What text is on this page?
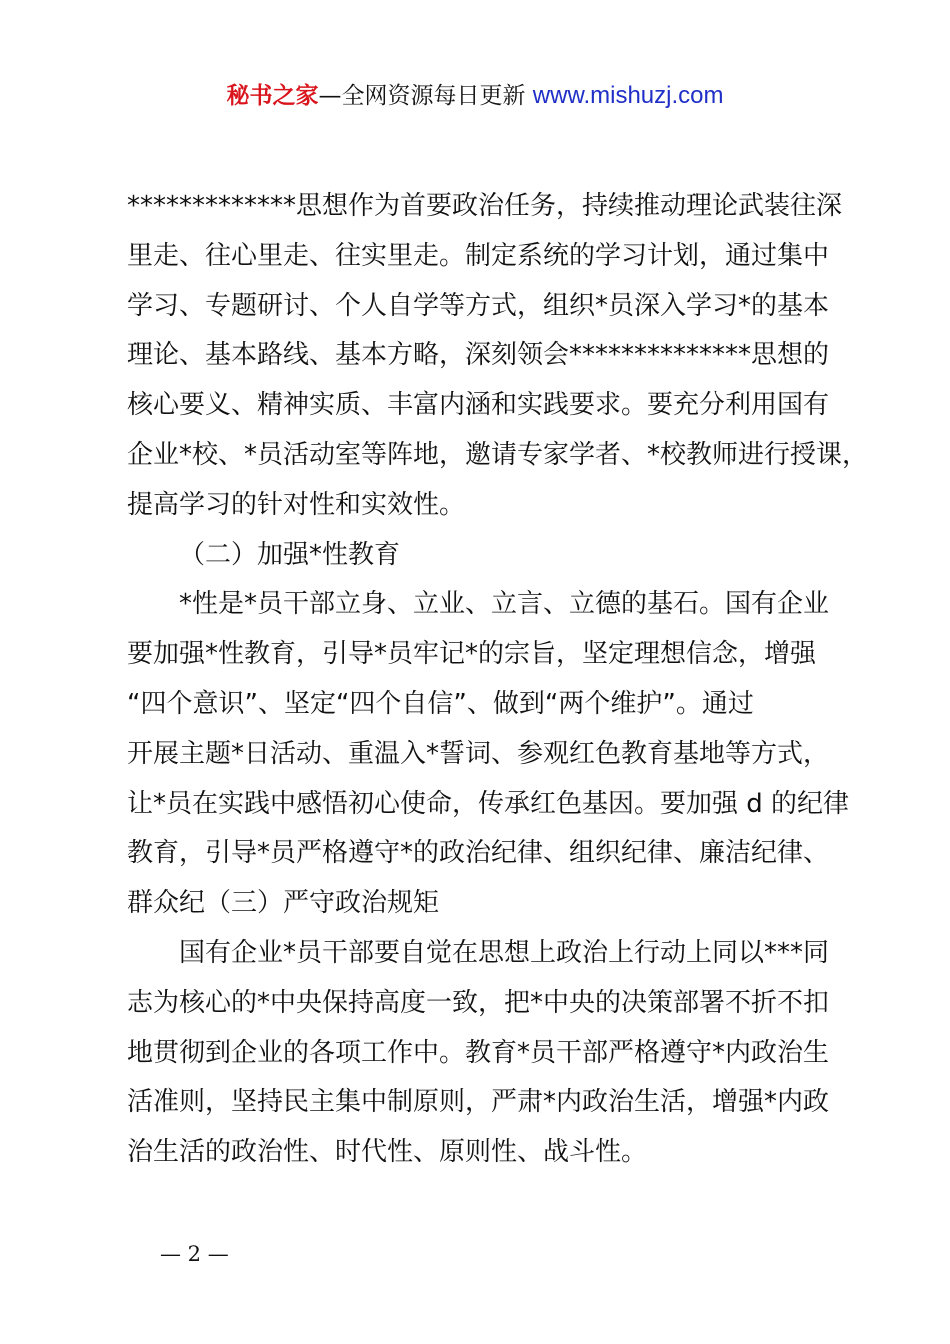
秘书之家—全网资源每日更新 www.mishuzj.com
*************思想作为首要政治任务，持续推动理论武装往深
里走、往心里走、往实里走。制定系统的学习计划，通过集中
学习、专题研讨、个人自学等方式，组织*员深入学习*的基本
理论、基本路线、基本方略，深刻领会**************思想的
核心要义、精神实质、丰富内涵和实践要求。要充分利用国有
企业*校、*员活动室等阵地，邀请专家学者、*校教师进行授课，
提高学习的针对性和实效性。
（二）加强*性教育
*性是*员干部立身、立业、立言、立德的基石。国有企业
要加强*性教育，引导*员牢记*的宗旨，坚定理想信念，增强
“四个意识”、坚定“四个自信”、做到“两个维护”。通过
开展主题*日活动、重温入*誓词、参观红色教育基地等方式，
让*员在实践中感悟初心使命，传承红色基因。要加强 d 的纪律
教育，引导*员严格遵守*的政治纪律、组织纪律、廉洁纪律、
群众纪（三）严守政治规矩
国有企业*员干部要自觉在思想上政治上行动上同以***同
志为核心的*中央保持高度一致，把*中央的决策部署不折不扣
地贯彻到企业的各项工作中。教育*员干部严格遵守*内政治生
活准则，坚持民主集中制原则，严肃*内政治生活，增强*内政
治生活的政治性、时代性、原则性、战斗性。
— 2 —
